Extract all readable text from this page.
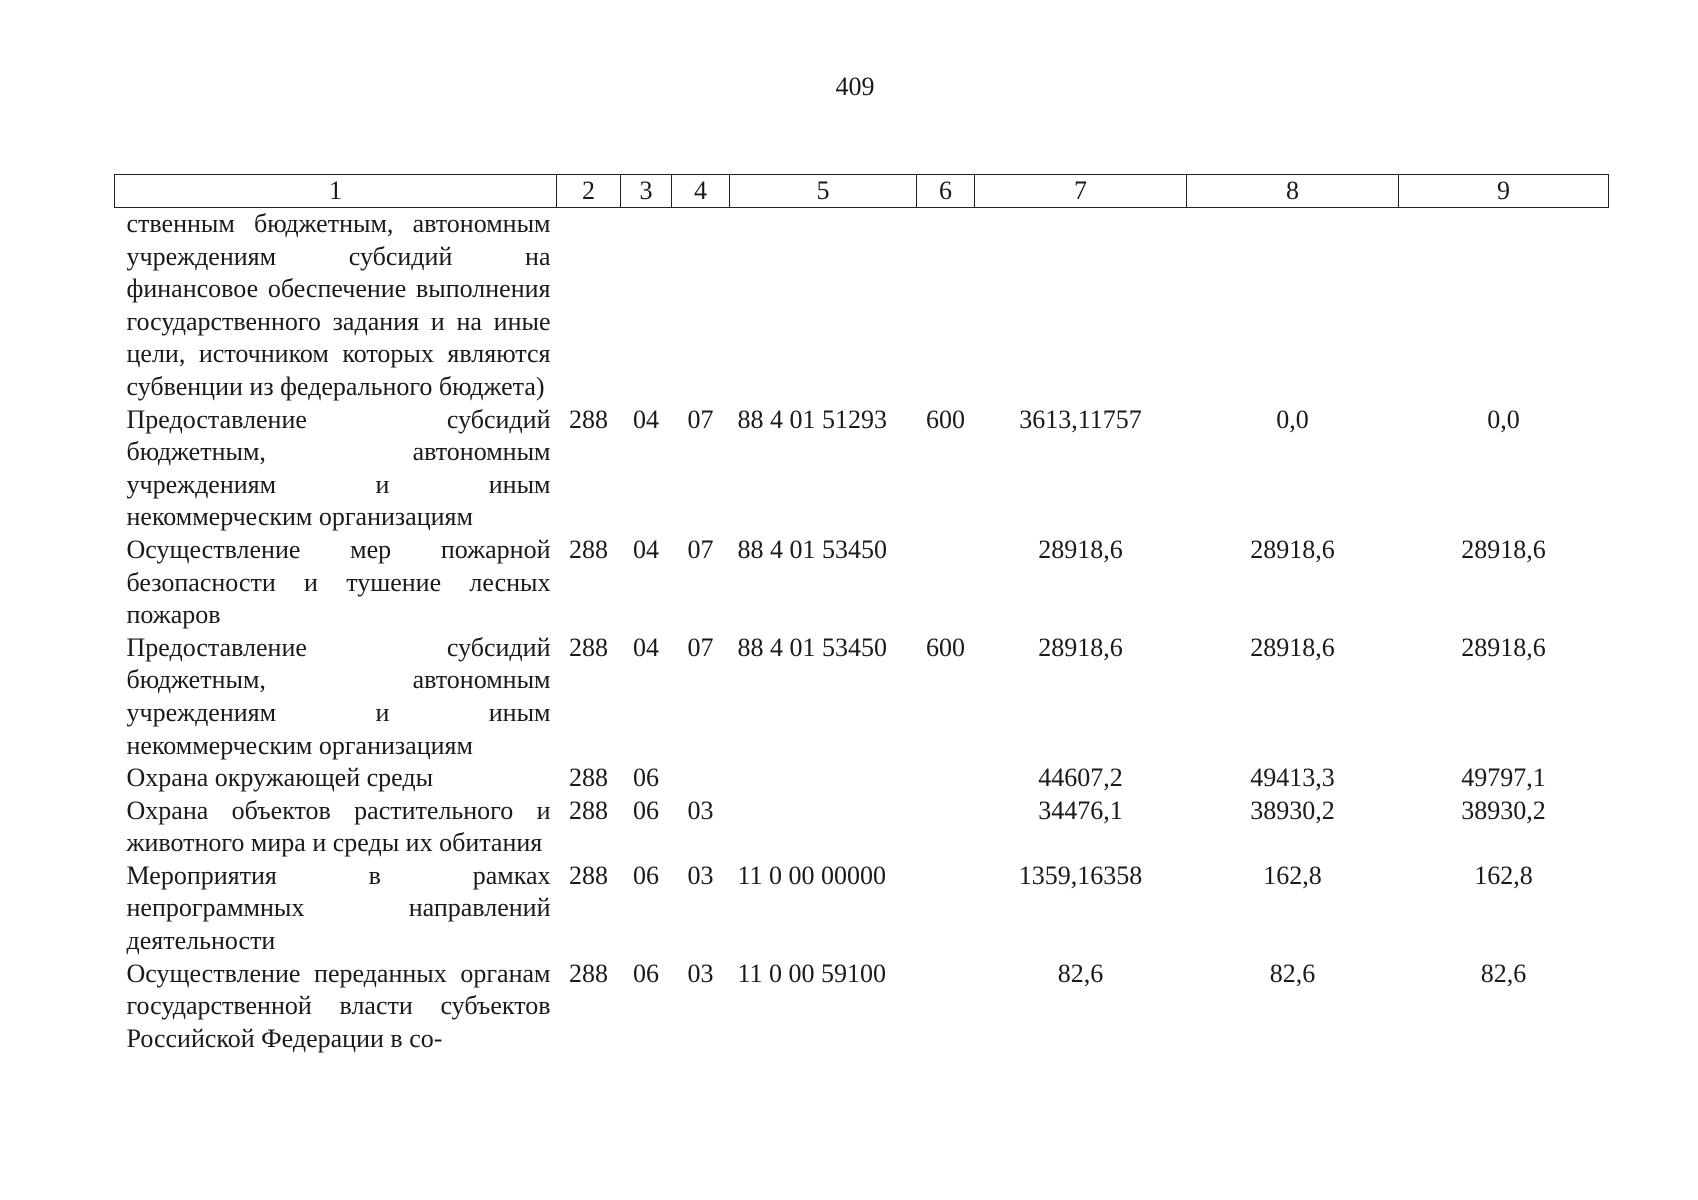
409
1	2	3	4	5	6	7	8	9
ственным бюджетным, автономным учреждениям субсидий на финансовое обеспечение выполнения государственного задания и на иные цели, источником которых являются субвенции из федерального бюджета)								
Предоставление субсидий бюджетным, автономным учреждениям и иным некоммерческим организациям	288	04	07	88 4 01 51293	600	3613,11757	0,0	0,0
Осуществление мер пожарной безопасности и тушение лесных пожаров	288	04	07	88 4 01 53450		28918,6	28918,6	28918,6
Предоставление субсидий бюджетным, автономным учреждениям и иным некоммерческим организациям	288	04	07	88 4 01 53450	600	28918,6	28918,6	28918,6
Охрана окружающей среды	288	06				44607,2	49413,3	49797,1
Охрана объектов растительного и животного мира и среды их обитания	288	06	03			34476,1	38930,2	38930,2
Мероприятия в рамках непрограммных направлений деятельности	288	06	03	11 0 00 00000		1359,16358	162,8	162,8
Осуществление переданных органам государственной власти субъектов Российской Федерации в со-	288	06	03	11 0 00 59100		82,6	82,6	82,6
